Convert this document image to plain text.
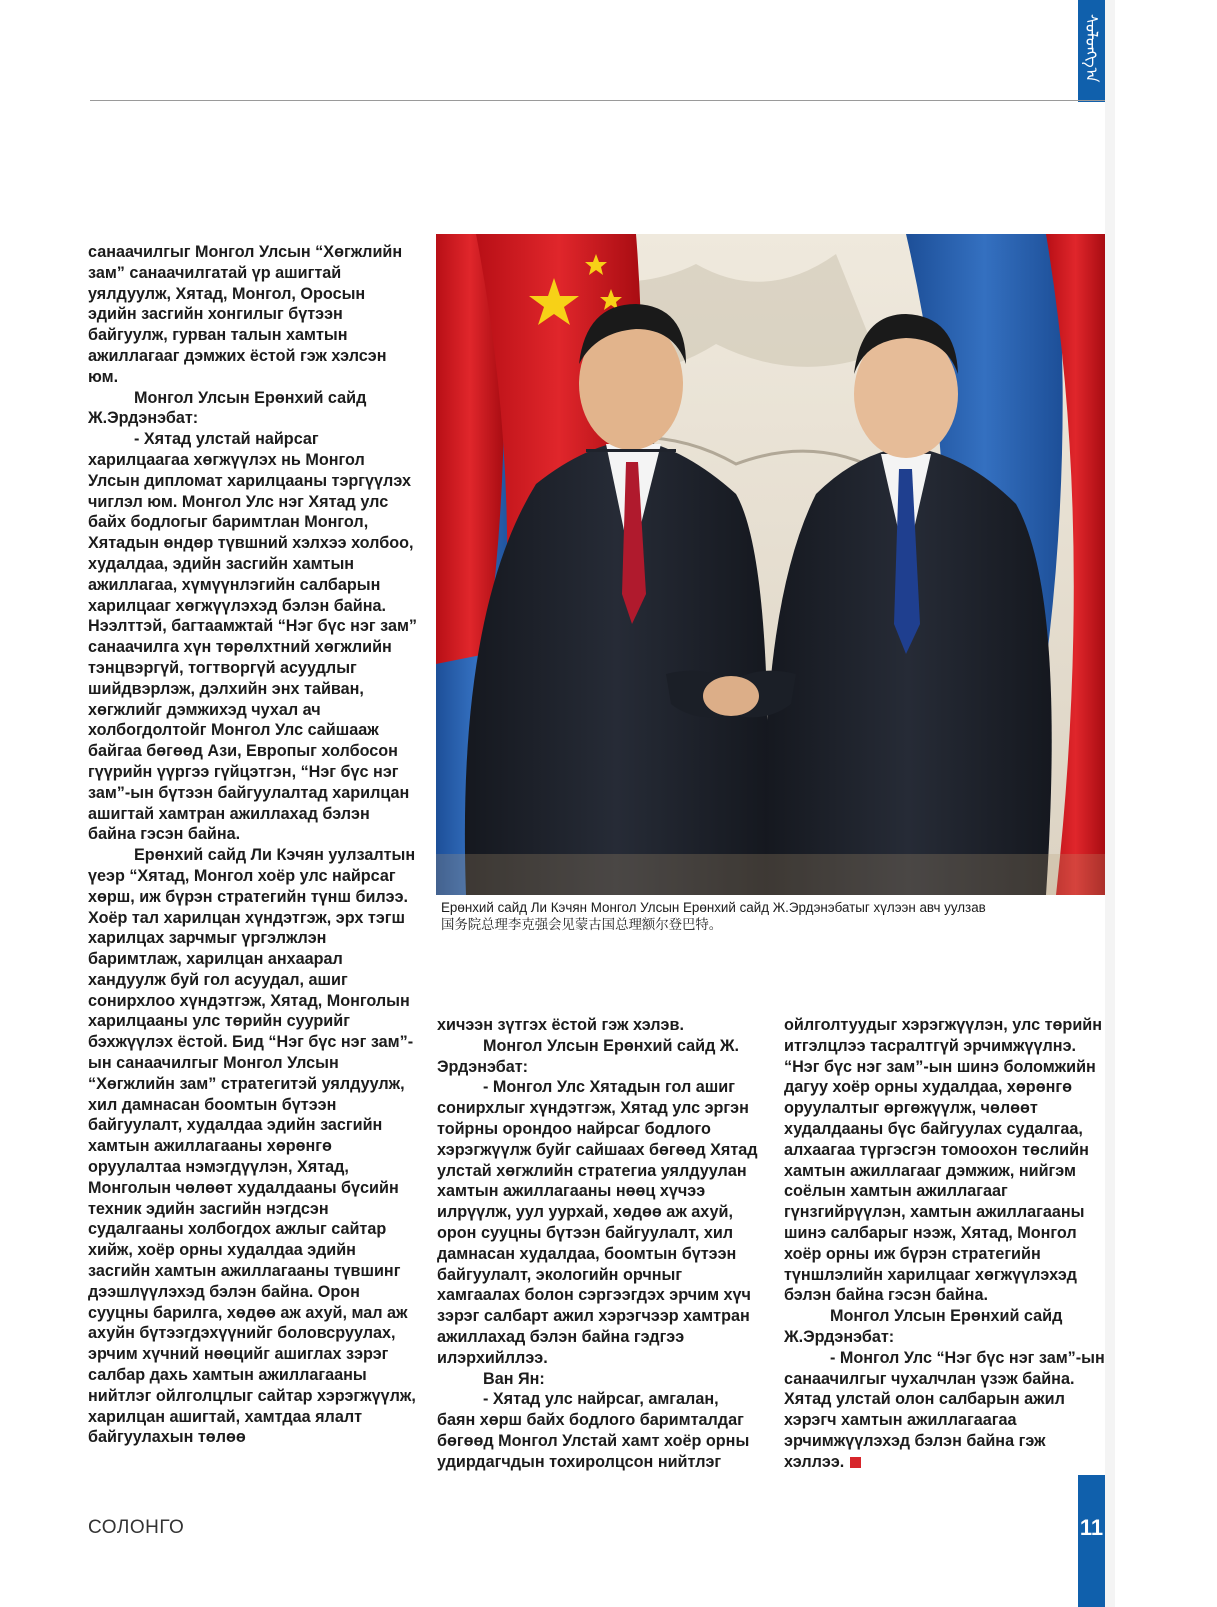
ᠰᠣᠯᠣᠩᠭ᠎ᠠ

санаачилгыг Монгол Улсын “Хөгжлийн зам” санаачилгатай үр ашигтай уялдуулж, Хятад, Монгол, Оросын эдийн засгийн хонгилыг бүтээн байгуулж, гурван талын хамтын ажиллагааг дэмжих ёстой гэж хэлсэн юм.

Монгол Улсын Ерөнхий сайд Ж.Эрдэнэбат:

- Хятад улстай найрсаг харилцаагаа хөгжүүлэх нь Монгол Улсын дипломат харилцааны тэргүүлэх чиглэл юм. Монгол Улс нэг Хятад улс байх бодлогыг баримтлан Монгол, Хятадын өндөр түвшний хэлхээ холбоо, худалдаа, эдийн засгийн хамтын ажиллагаа, хүмүүнлэгийн салбарын харилцааг хөгжүүлэхэд бэлэн байна. Нээлттэй, багтаамжтай “Нэг бүс нэг зам” санаачилга хүн төрөлхтний хөгжлийн тэнцвэргүй, тогтворгүй асуудлыг шийдвэрлэж, дэлхийн энх тайван, хөгжлийг дэмжихэд чухал ач холбогдолтойг Монгол Улс сайшааж байгаа бөгөөд Ази, Европыг холбосон гүүрийн үүргээ гүйцэтгэн, “Нэг бүс нэг зам”-ын бүтээн байгуулалтад харилцан ашигтай хамтран ажиллахад бэлэн байна гэсэн байна.

Ерөнхий сайд Ли Кэчян уулзалтын үеэр “Хятад, Монгол хоёр улс найрсаг хөрш, иж бүрэн стратегийн түнш билээ. Хоёр тал харилцан хүндэтгэж, эрх тэгш харилцах зарчмыг үргэлжлэн баримтлаж, харилцан анхаарал хандуулж буй гол асуудал, ашиг сонирхлоо хүндэтгэж, Хятад, Монголын харилцааны улс төрийн суурийг бэхжүүлэх ёстой. Бид “Нэг бүс нэг зам”-ын санаачилгыг Монгол Улсын “Хөгжлийн зам” стратегитэй уялдуулж, хил дамнасан боомтын бүтээн байгуулалт, худалдаа эдийн засгийн хамтын ажиллагааны хөрөнгө оруулалтаа нэмэгдүүлэн, Хятад, Монголын чөлөөт худалдааны бүсийн техник эдийн засгийн нэгдсэн судалгааны холбогдох ажлыг сайтар хийж, хоёр орны худалдаа эдийн засгийн хамтын ажиллагааны түвшинг дээшлүүлэхэд бэлэн байна. Орон сууцны барилга, хөдөө аж ахуй, мал аж ахуйн бүтээгдэхүүнийг боловсруулах, эрчим хүчний нөөцийг ашиглах зэрэг салбар дахь хамтын ажиллагааны нийтлэг ойлголцлыг сайтар хэрэгжүүлж, харилцан ашигтай, хамтдаа ялалт байгуулахын төлөө

Ерөнхий сайд Ли Кэчян Монгол Улсын Ерөнхий сайд Ж.Эрдэнэбатыг хүлээн авч уулзав
国务院总理李克强会见蒙古国总理额尔登巴特。

хичээн зүтгэх ёстой гэж хэлэв.

Монгол Улсын Ерөнхий сайд Ж. Эрдэнэбат:

- Монгол Улс Хятадын гол ашиг сонирхлыг хүндэтгэж, Хятад улс эргэн тойрны орондоо найрсаг бодлого хэрэгжүүлж буйг сайшаах бөгөөд Хятад улстай хөгжлийн стратегиа уялдуулан хамтын ажиллагааны нөөц хүчээ илрүүлж, уул уурхай, хөдөө аж ахуй, орон сууцны бүтээн байгуулалт, хил дамнасан худалдаа, боомтын бүтээн байгуулалт, экологийн орчныг хамгаалах болон сэргээгдэх эрчим хүч зэрэг салбарт ажил хэрэгчээр хамтран ажиллахад бэлэн байна гэдгээ илэрхийллээ.

Ван Ян:

- Хятад улс найрсаг, амгалан, баян хөрш байх бодлого баримталдаг бөгөөд Монгол Улстай хамт хоёр орны удирдагчдын тохиролцсон нийтлэг

ойлголтуудыг хэрэгжүүлэн, улс төрийн итгэлцлээ тасралтгүй эрчимжүүлнэ. “Нэг бүс нэг зам”-ын шинэ боломжийн дагуу хоёр орны худалдаа, хөрөнгө оруулалтыг өргөжүүлж, чөлөөт худалдааны бүс байгуулах судалгаа, алхаагаа түргэсгэн томоохон төслийн хамтын ажиллагааг дэмжиж, нийгэм соёлын хамтын ажиллагааг гүнзгийрүүлэн, хамтын ажиллагааны шинэ салбарыг нээж, Хятад, Монгол хоёр орны иж бүрэн стратегийн түншлэлийн харилцааг хөгжүүлэхэд бэлэн байна гэсэн байна.

Монгол Улсын Ерөнхий сайд Ж.Эрдэнэбат:

- Монгол Улс “Нэг бүс нэг зам”-ын санаачилгыг чухалчлан үзэж байна. Хятад улстай олон салбарын ажил хэрэгч хамтын ажиллагаагаа эрчимжүүлэхэд бэлэн байна гэж хэллээ.

СОЛОНГО	11
